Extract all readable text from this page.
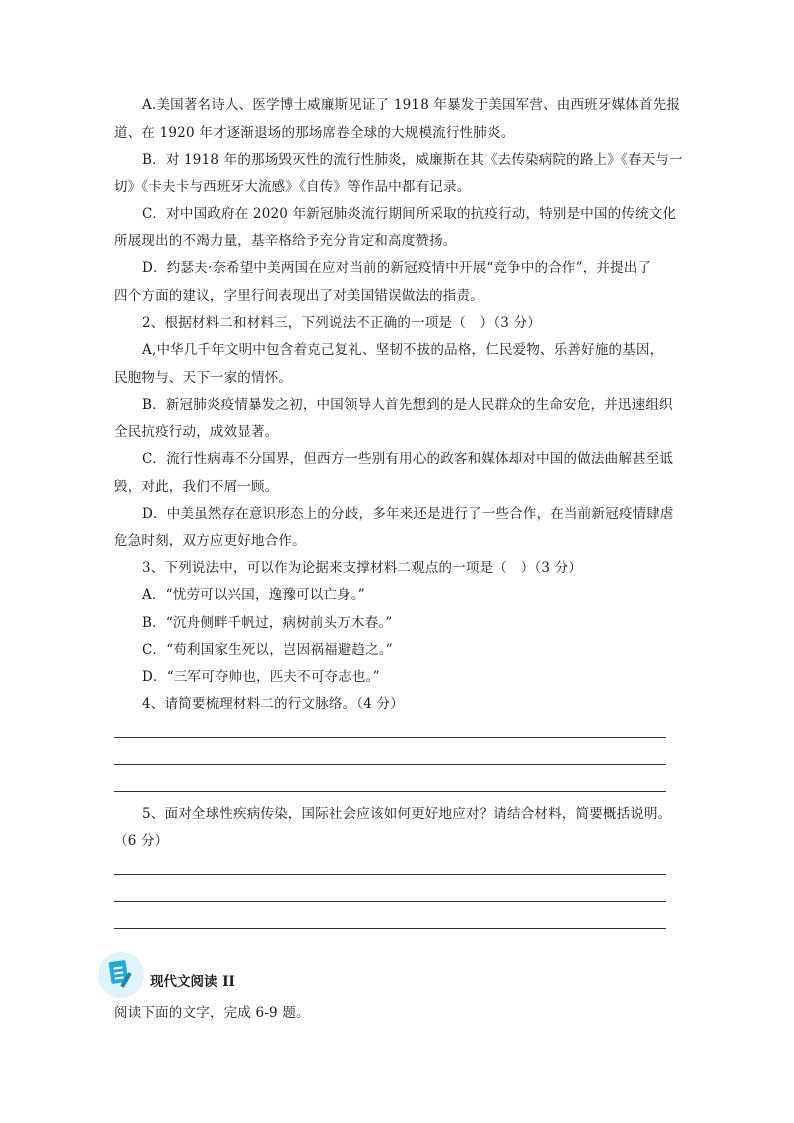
A.美国著名诗人、医学博士威廉斯见证了 1918 年暴发于美国军营、由西班牙媒体首先报
道、在 1920 年才逐渐退场的那场席卷全球的大规模流行性肺炎。
B．对 1918 年的那场毁灭性的流行性肺炎，威廉斯在其《去传染病院的路上》《春天与一
切》《卡夫卡与西班牙大流感》《自传》等作品中都有记录。
C．对中国政府在 2020 年新冠肺炎流行期间所采取的抗疫行动，特别是中国的传统文化
所展现出的不竭力量，基辛格给予充分肯定和高度赞扬。
D．约瑟夫·奈希望中美两国在应对当前的新冠疫情中开展“竞争中的合作”，并提出了
四个方面的建议，字里行间表现出了对美国错误做法的指责。
2、根据材料二和材料三，下列说法不正确的一项是（　）（3 分）
A,中华几千年文明中包含着克己复礼、坚韧不拔的品格，仁民爱物、乐善好施的基因，
民胞物与、天下一家的情怀。
B．新冠肺炎疫情暴发之初，中国领导人首先想到的是人民群众的生命安危，并迅速组织
全民抗疫行动，成效显著。
C．流行性病毒不分国界，但西方一些别有用心的政客和媒体却对中国的做法曲解甚至诋
毁，对此，我们不屑一顾。
D．中美虽然存在意识形态上的分歧，多年来还是进行了一些合作，在当前新冠疫情肆虐
危急时刻，双方应更好地合作。
3、下列说法中，可以作为论据来支撑材料二观点的一项是（　）（3 分）
A．“忧劳可以兴国，逸豫可以亡身。”
B．“沉舟侧畔千帆过，病树前头万木春。”
C．“苟利国家生死以，岂因祸福避趋之。”
D．“三军可夺帅也，匹夫不可夺志也。”
4、请简要梳理材料二的行文脉络。（4 分）
5、面对全球性疾病传染，国际社会应该如何更好地应对？请结合材料，简要概括说明。
（6 分）
现代文阅读 II
阅读下面的文字，完成 6-9 题。
